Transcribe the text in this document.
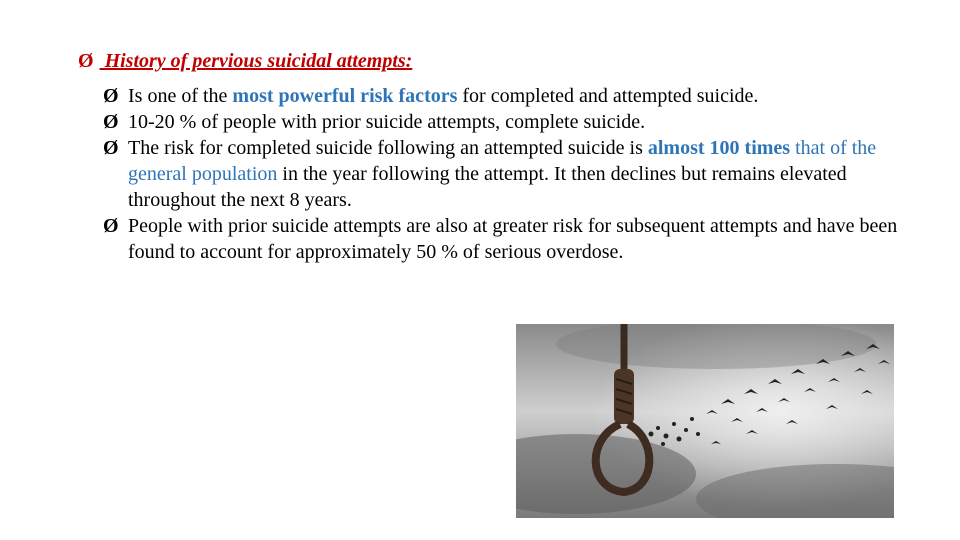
Ø History of pervious suicidal attempts:
Ø Is one of the most powerful risk factors for completed and attempted suicide.
Ø 10-20 % of people with prior suicide attempts, complete suicide.
Ø The risk for completed suicide following an attempted suicide is almost 100 times that of the general population in the year following the attempt. It then declines but remains elevated throughout the next 8 years.
Ø People with prior suicide attempts are also at greater risk for subsequent attempts and have been found to account for approximately 50 % of serious overdose.
